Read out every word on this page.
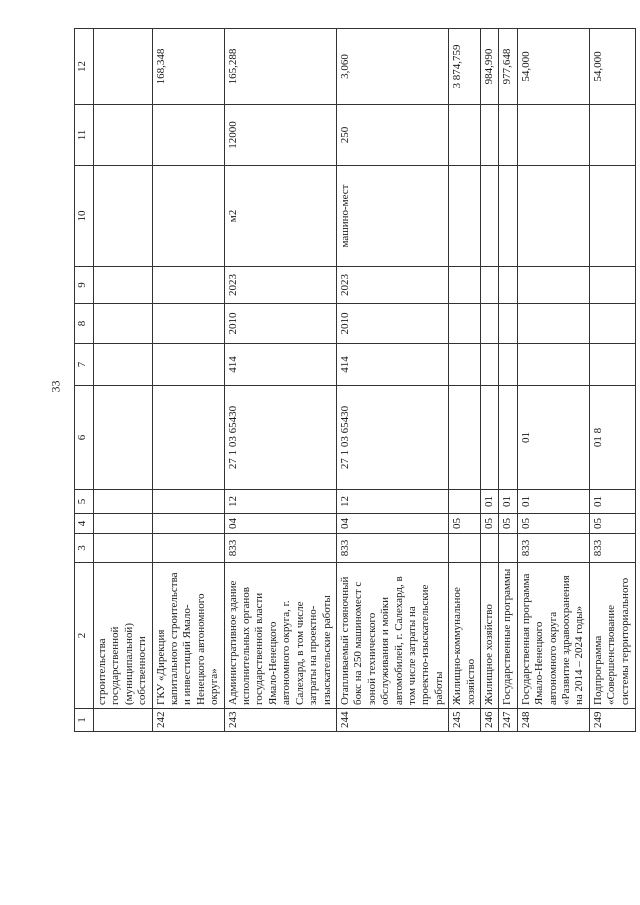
33
1	2	3	4	5	6	7	8	9	10	11	12
	строительства государственной (муниципальной) собственности										
242	ГКУ «Дирекция капитального строительства и инвестиций Ямало-Ненецкого автономного округа»										168,348
243	Административное здание исполнительных органов государственной власти Ямало-Ненецкого автономного округа, г. Салехард, в том числе затраты на проектно-изыскательские работы	833	04	12	27 1 03 65430	414	2010	2023	м2	12000	165,288
244	Отапливаемый стояночный бокс на 250 машиномест с зоной технического обслуживания и мойки автомобилей, г. Салехард, в том числе затраты на проектно-изыскательские работы	833	04	12	27 1 03 65430	414	2010	2023	машино-мест	250	3,060
245	Жилищно-коммунальное хозяйство		05								3 874,759
246	Жилищное хозяйство		05	01							984,990
247	Государственные программы		05	01							977,648
248	Государственная программа Ямало-Ненецкого автономного округа «Развитие здравоохранения на 2014 – 2024 годы»	833	05	01	01						54,000
249	Подпрограмма «Совершенствование системы территориального	833	05	01	01 8						54,000
